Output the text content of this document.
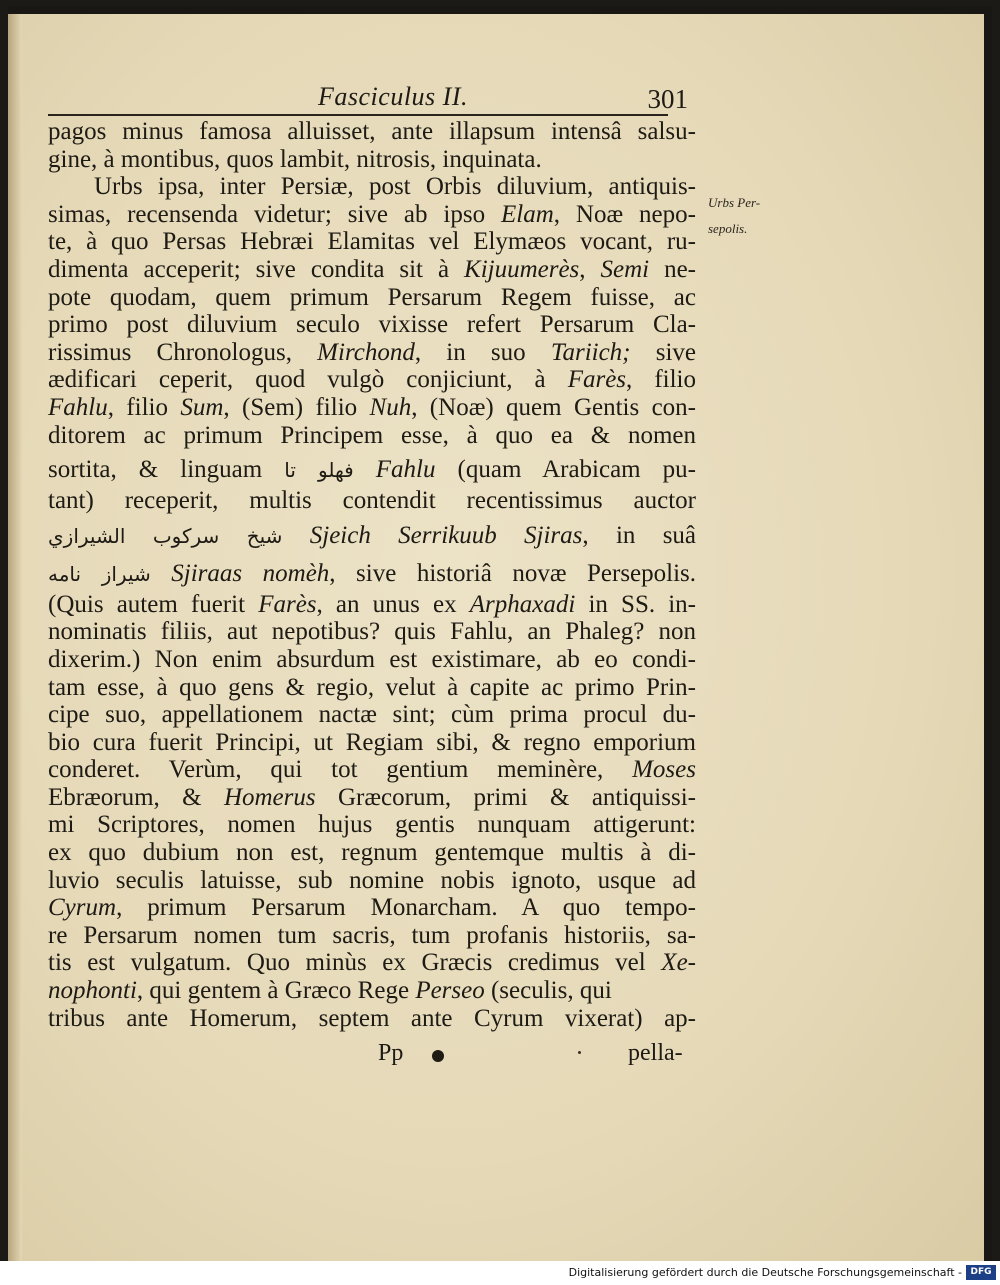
Fasciculus II.	301
pagos minus famosa alluisset, ante illapsum intensâ salsu-
gine, à montibus, quos lambit, nitrosis, inquinata.
Urbs ipsa, inter Persiæ, post Orbis diluvium, antiquis-
simas, recensenda videtur; sive ab ipso Elam, Noæ nepo-
te, à quo Persas Hebræi Elamitas vel Elymæos vocant, ru-
dimenta acceperit; sive condita sit à Kijuumerès, Semi ne-
pote quodam, quem primum Persarum Regem fuisse, ac
primo post diluvium seculo vixisse refert Persarum Cla-
rissimus Chronologus, Mirchond, in suo Tariich; sive
ædificari ceperit, quod vulgò conjiciunt, à Farès, filio
Fahlu, filio Sum, (Sem) filio Nuh, (Noæ) quem Gentis con-
ditorem ac primum Principem esse, à quo ea & nomen
sortita, & linguam تا فهلو Fahlu (quam Arabicam pu-
tant) receperit, multis contendit recentissimus auctor
شيخ سركوب الشيرازي Sjeich Serrikuub Sjiras, in suâ
شيراز نامه Sjiraas nomèh, sive historiâ novæ Persepolis.
(Quis autem fuerit Farès, an unus ex Arphaxadi in SS. in-
nominatis filiis, aut nepotibus? quis Fahlu, an Phaleg? non
dixerim.) Non enim absurdum est existimare, ab eo condi-
tam esse, à quo gens & regio, velut à capite ac primo Prin-
cipe suo, appellationem nactæ sint; cùm prima procul du-
bio cura fuerit Principi, ut Regiam sibi, & regno emporium
conderet. Verùm, qui tot gentium meminère, Moses
Ebræorum, & Homerus Græcorum, primi & antiquissi-
mi Scriptores, nomen hujus gentis nunquam attigerunt:
ex quo dubium non est, regnum gentemque multis à di-
luvio seculis latuisse, sub nomine nobis ignoto, usque ad
Cyrum, primum Persarum Monarcham. A quo tempo-
re Persarum nomen tum sacris, tum profanis historiis, sa-
tis est vulgatum. Quo minùs ex Græcis credimus vel Xe-
nophonti, qui gentem à Græco Rege Perseo (seculis, qui
tribus ante Homerum, septem ante Cyrum vixerat) ap-
Urbs Per-
sepolis.
Pp	pella-
Digitalisierung gefördert durch die Deutsche Forschungsgemeinschaft - DFG
